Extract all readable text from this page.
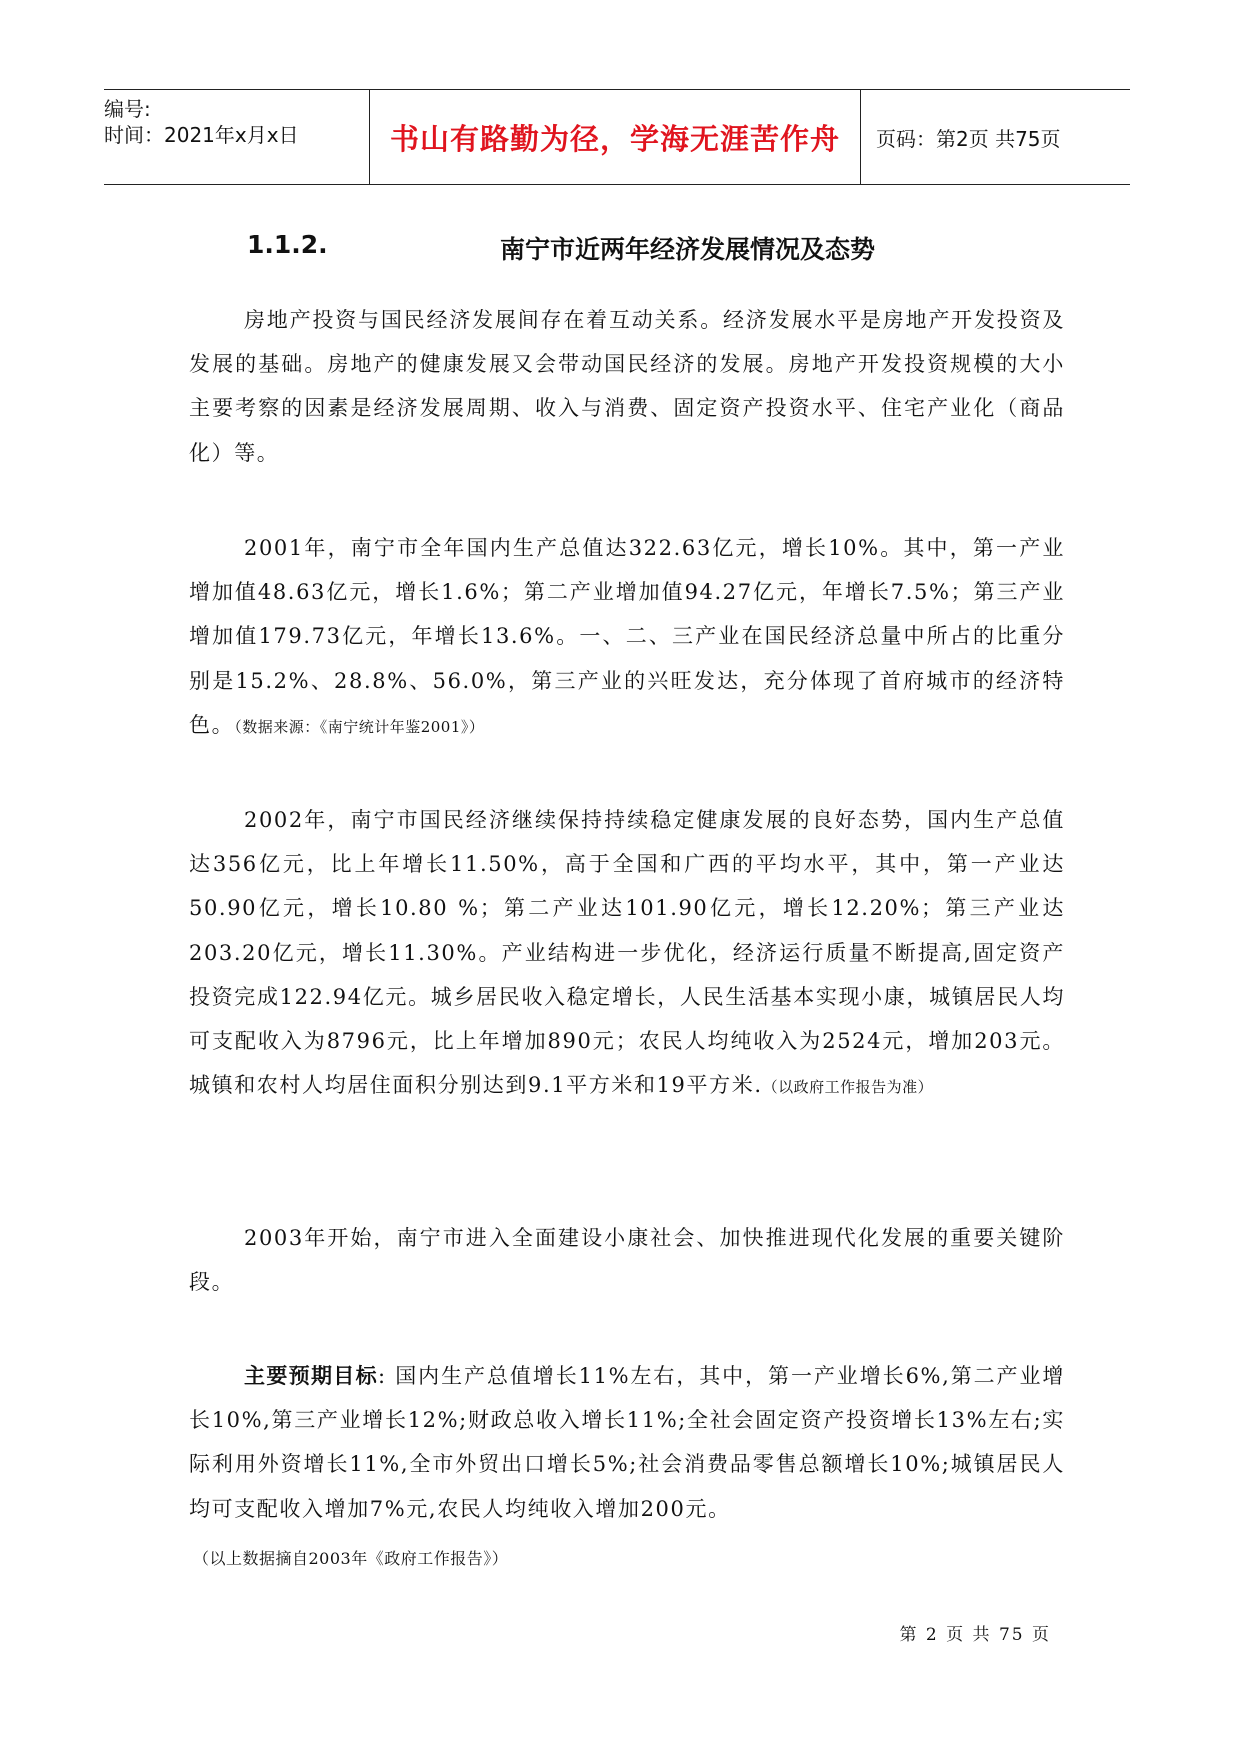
编号:
时间：2021年x月x日	书山有路勤为径，学海无涯苦作舟 页码：第2页 共75页
1.1.2.	南宁市近两年经济发展情况及态势

房地产投资与国民经济发展间存在着互动关系。经济发展水平是房地产开发投资及发展的基础。房地产的健康发展又会带动国民经济的发展。房地产开发投资规模的大小主要考察的因素是经济发展周期、收入与消费、固定资产投资水平、住宅产业化（商品化）等。

2001年，南宁市全年国内生产总值达322.63亿元，增长10%。其中，第一产业增加值48.63亿元，增长1.6%；第二产业增加值94.27亿元，年增长7.5%；第三产业增加值179.73亿元，年增长13.6%。一、二、三产业在国民经济总量中所占的比重分别是15.2%、28.8%、56.0%，第三产业的兴旺发达，充分体现了首府城市的经济特色。（数据来源：《南宁统计年鉴2001》）

2002年，南宁市国民经济继续保持持续稳定健康发展的良好态势，国内生产总值达356亿元，比上年增长11.50%，高于全国和广西的平均水平，其中，第一产业达50.90亿元，增长10.80 %；第二产业达101.90亿元，增长12.20%；第三产业达203.20亿元，增长11.30%。产业结构进一步优化，经济运行质量不断提高,固定资产投资完成122.94亿元。城乡居民收入稳定增长，人民生活基本实现小康，城镇居民人均可支配收入为8796元，比上年增加890元；农民人均纯收入为2524元，增加203元。城镇和农村人均居住面积分别达到9.1平方米和19平方米.（以政府工作报告为准）

2003年开始，南宁市进入全面建设小康社会、加快推进现代化发展的重要关键阶段。

主要预期目标: 国内生产总值增长11%左右，其中，第一产业增长6%,第二产业增长10%,第三产业增长12%;财政总收入增长11%;全社会固定资产投资增长13%左右;实际利用外资增长11%,全市外贸出口增长5%;社会消费品零售总额增长10%;城镇居民人均可支配收入增加7%元,农民人均纯收入增加200元。

（以上数据摘自2003年《政府工作报告》）
第 2 页 共 75 页
